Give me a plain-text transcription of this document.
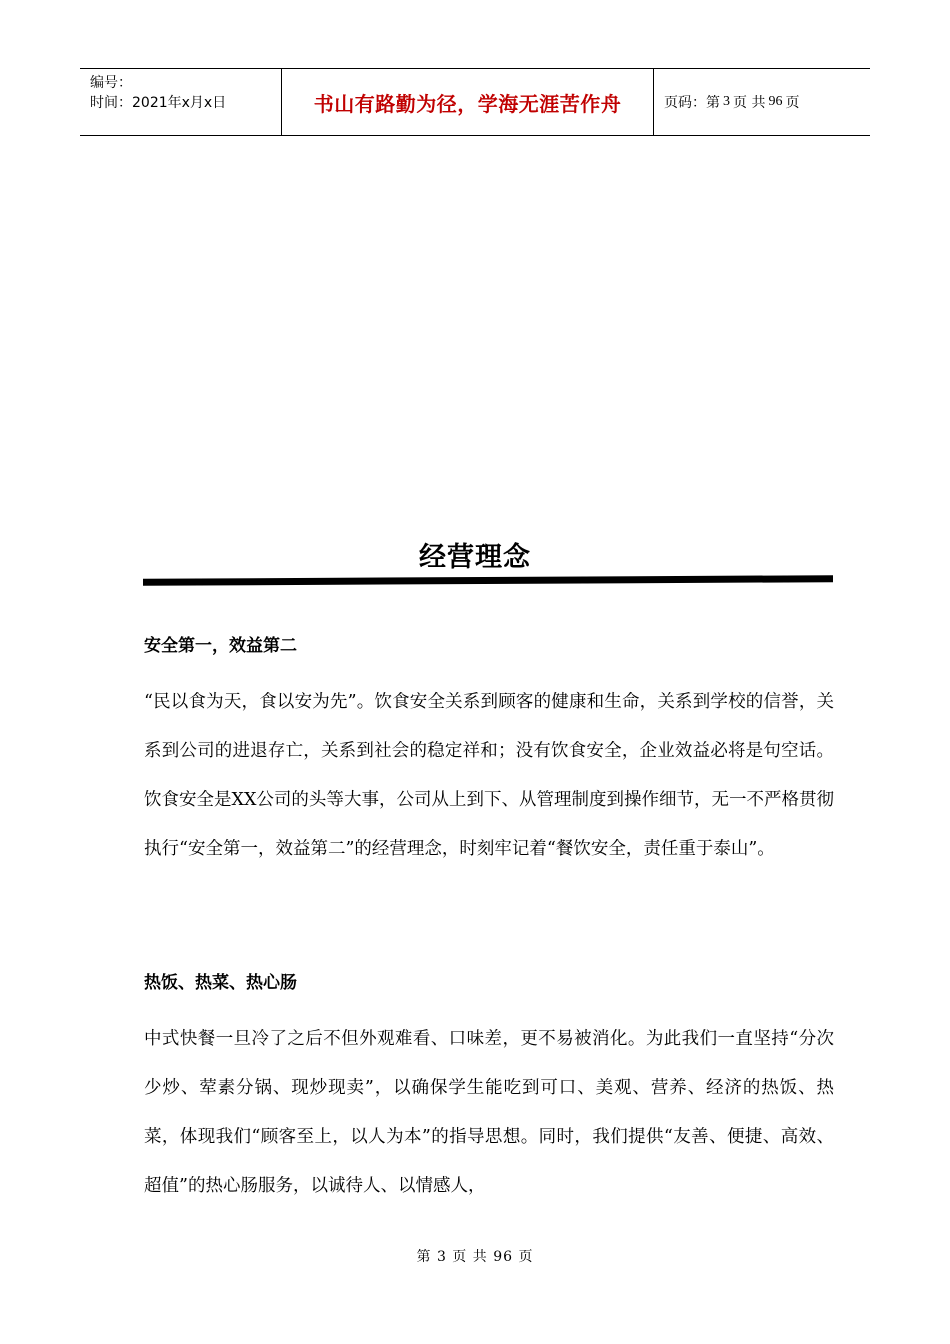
编号：
时间：2021年x月x日	书山有路勤为径，学海无涯苦作舟	页码：第 3 页 共 96 页
经营理念
安全第一，效益第二

“民以食为天，食以安为先”。饮食安全关系到顾客的健康和生命，关系到学校的信誉，关系到公司的进退存亡，关系到社会的稳定祥和；没有饮食安全，企业效益必将是句空话。饮食安全是XX公司的头等大事，公司从上到下、从管理制度到操作细节，无一不严格贯彻执行“安全第一，效益第二”的经营理念，时刻牢记着“餐饮安全，责任重于泰山”。

热饭、热菜、热心肠

中式快餐一旦冷了之后不但外观难看、口味差，更不易被消化。为此我们一直坚持“分次少炒、荤素分锅、现炒现卖”，以确保学生能吃到可口、美观、营养、经济的热饭、热菜，体现我们“顾客至上，以人为本”的指导思想。同时，我们提供“友善、便捷、高效、超值”的热心肠服务，以诚待人、以情感人，

第 3 页 共 96 页
